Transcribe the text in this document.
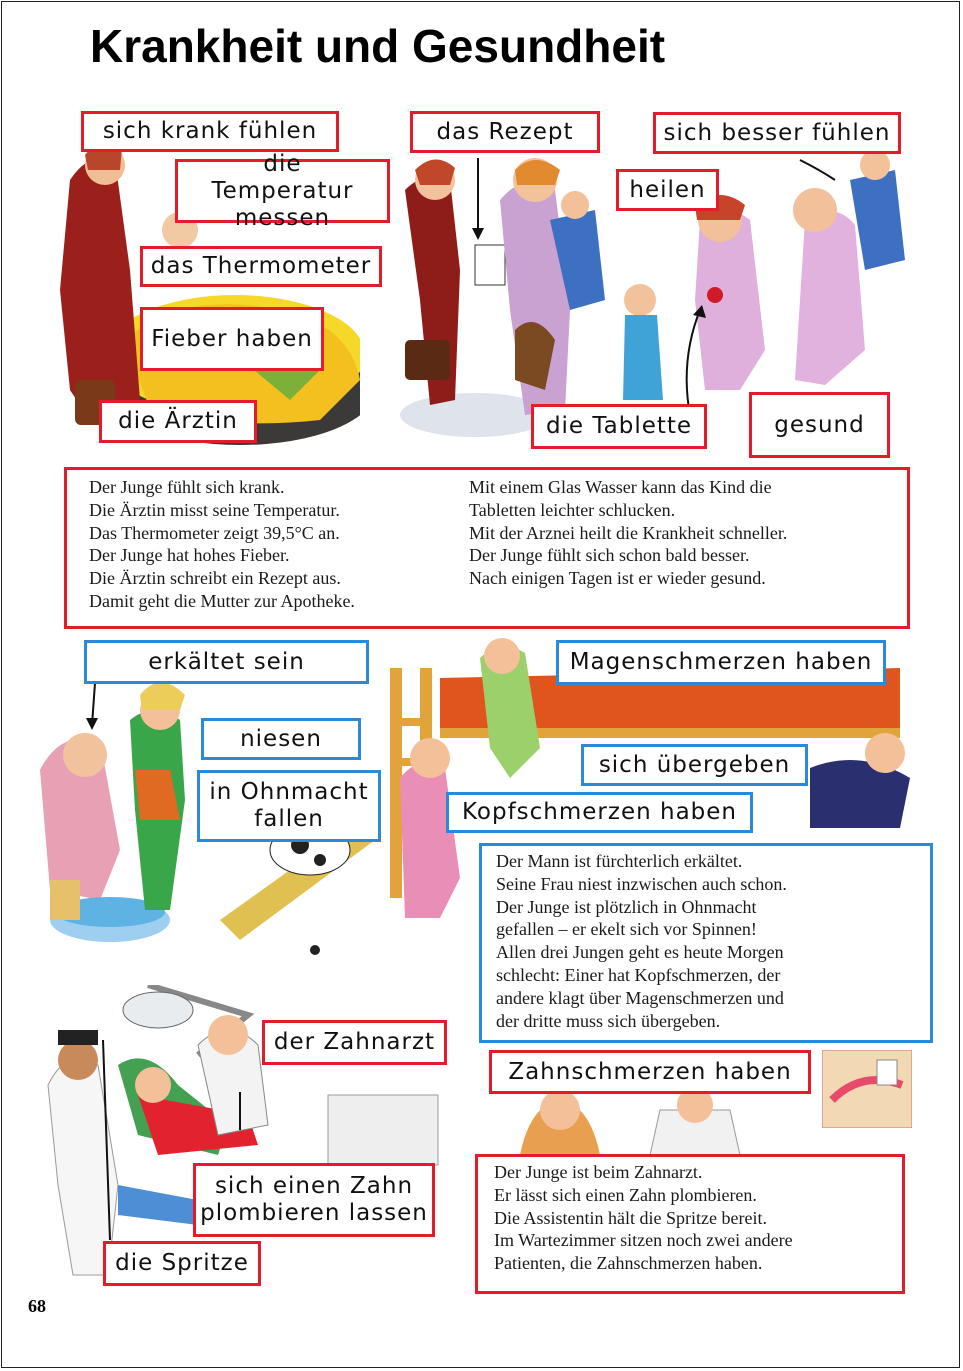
Krankheit und Gesundheit
sich krank fühlen
die Temperatur messen
das Thermometer
Fieber haben
die Ärztin
das Rezept	sich besser fühlen
heilen
die Tablette	gesund
Der Junge fühlt sich krank.
Die Ärztin misst seine Temperatur.
Das Thermometer zeigt 39,5°C an.
Der Junge hat hohes Fieber.
Die Ärztin schreibt ein Rezept aus.
Damit geht die Mutter zur Apotheke.
Mit einem Glas Wasser kann das Kind die
Tabletten leichter schlucken.
Mit der Arznei heilt die Krankheit schneller.
Der Junge fühlt sich schon bald besser.
Nach einigen Tagen ist er wieder gesund.
erkältet sein
niesen
in Ohnmacht
fallen
Magenschmerzen haben
sich übergeben
Kopfschmerzen haben
Der Mann ist fürchterlich erkältet.
Seine Frau niest inzwischen auch schon.
Der Junge ist plötzlich in Ohnmacht
gefallen – er ekelt sich vor Spinnen!
Allen drei Jungen geht es heute Morgen
schlecht: Einer hat Kopfschmerzen, der
andere klagt über Magenschmerzen und
der dritte muss sich übergeben.
der Zahnarzt
Zahnschmerzen haben
sich einen Zahn
plombieren lassen
die Spritze
Der Junge ist beim Zahnarzt.
Er lässt sich einen Zahn plombieren.
Die Assistentin hält die Spritze bereit.
Im Wartezimmer sitzen noch zwei andere
Patienten, die Zahnschmerzen haben.
68
